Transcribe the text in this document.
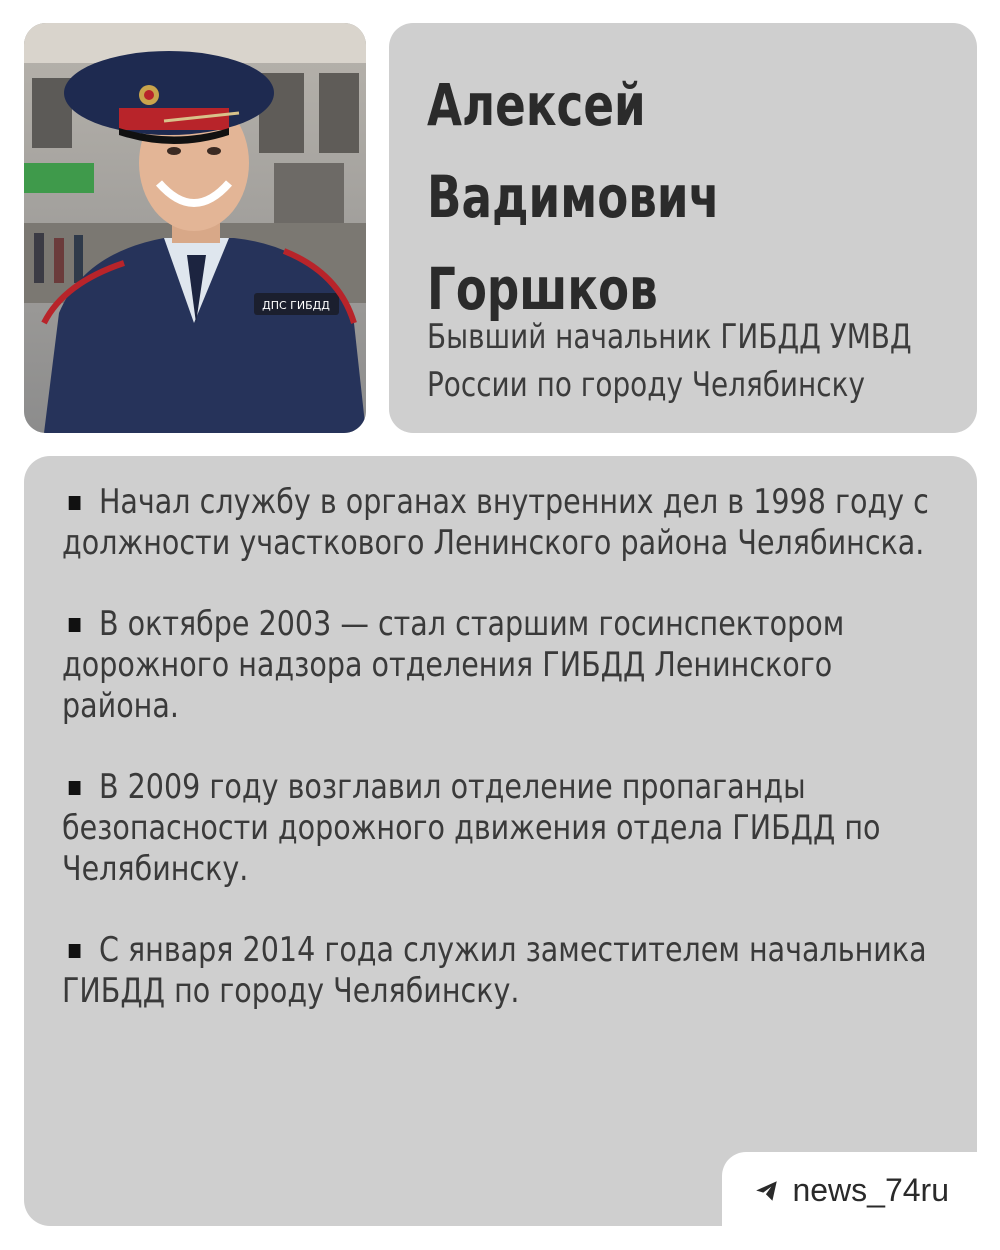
ДПС ГИБДД
Алексей
Вадимович
Горшков

Бывший начальник ГИБДД УМВД
России по городу Челябинску

Начал службу в органах внутренних дел в 1998 году с должности участкового Ленинского района Челябинска.

В октябре 2003 — стал старшим госинспектором дорожного надзора отделения ГИБДД Ленинского района.

В 2009 году возглавил отделение пропаганды безопасности дорожного движения отдела ГИБДД по Челябинску.

С января 2014 года служил заместителем начальника ГИБДД по городу Челябинску.

news_74ru
